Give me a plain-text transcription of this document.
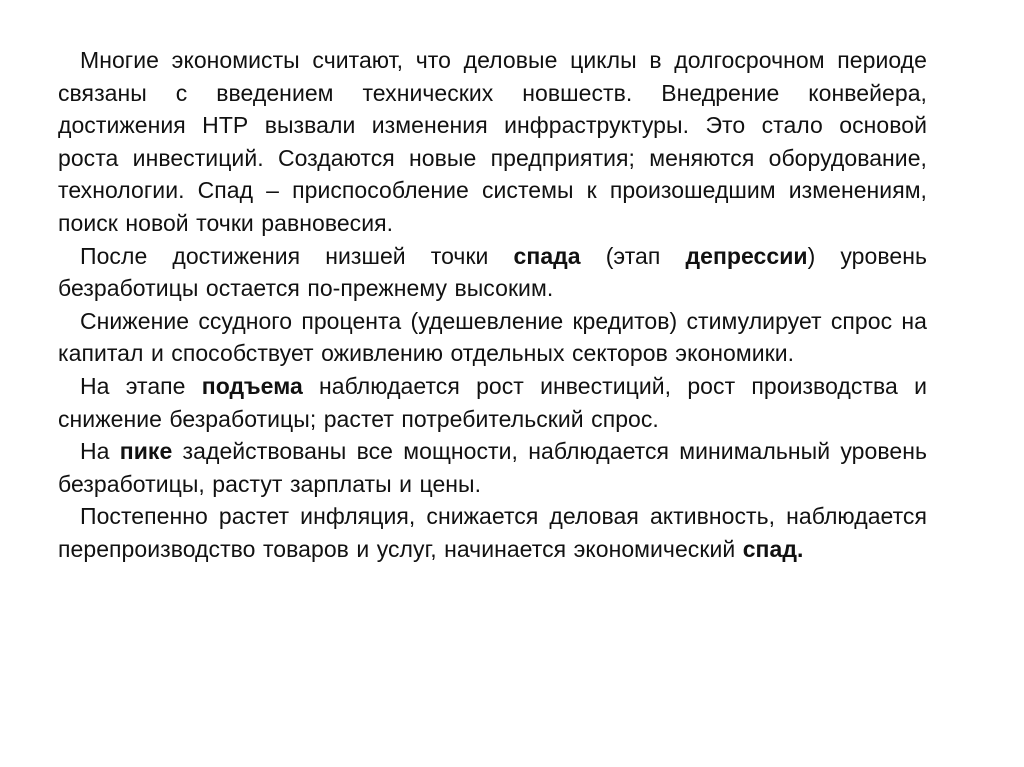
Многие экономисты считают, что деловые циклы в долгосрочном периоде связаны с введением технических новшеств. Внедрение конвейера, достижения НТР вызвали изменения инфраструктуры. Это стало основой роста инвестиций. Создаются новые предприятия; меняются оборудование, технологии. Спад – приспособление системы к произошедшим изменениям, поиск новой точки равновесия.

После достижения низшей точки спада (этап депрессии) уровень безработицы остается по-прежнему высоким.

Снижение ссудного процента (удешевление кредитов) стимулирует спрос на капитал и способствует оживлению отдельных секторов экономики.

На этапе подъема наблюдается рост инвестиций, рост производства и снижение безработицы; растет потребительский спрос.

На пике задействованы все мощности, наблюдается минимальный уровень безработицы, растут зарплаты и цены.

Постепенно растет инфляция, снижается деловая активность, наблюдается перепроизводство товаров и услуг, начинается экономический спад.
